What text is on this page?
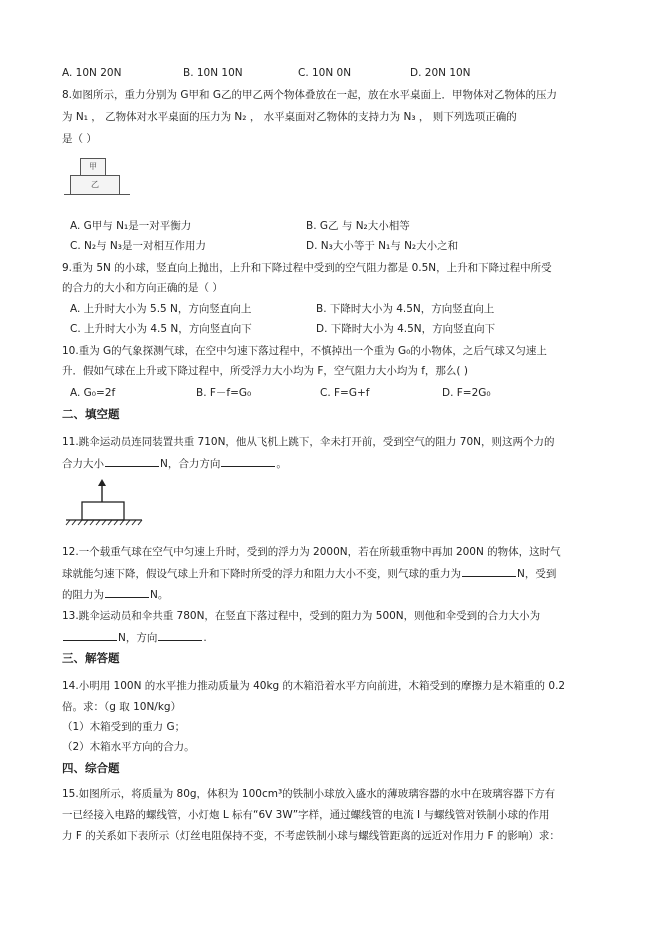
A. 10N 20N	B. 10N 10N	C. 10N 0N	D. 20N 10N
8.如图所示，重力分别为 G甲和 G乙的甲乙两个物体叠放在一起，放在水平桌面上．甲物体对乙物体的压力
为 N₁ ， 乙物体对水平桌面的压力为 N₂ ， 水平桌面对乙物体的支持力为 N₃ ， 则下列选项正确的
是（ ）
甲
乙
A. G甲与 N₁是一对平衡力	B. G乙 与 N₂大小相等
C. N₂与 N₃是一对相互作用力	D. N₃大小等于 N₁与 N₂大小之和
9.重为 5N 的小球，竖直向上抛出，上升和下降过程中受到的空气阻力都是 0.5N，上升和下降过程中所受
的合力的大小和方向正确的是（ ）
A. 上升时大小为 5.5 N，方向竖直向上	B. 下降时大小为 4.5N，方向竖直向上
C. 上升时大小为 4.5 N，方向竖直向下	D. 下降时大小为 4.5N，方向竖直向下
10.重为 G的气象探测气球，在空中匀速下落过程中，不慎掉出一个重为 G₀的小物体，之后气球又匀速上
升．假如气球在上升或下降过程中，所受浮力大小均为 F，空气阻力大小均为 f，那么( )
A. G₀=2f	B. F－f=G₀	C. F=G+f	D. F=2G₀
二、填空题
11.跳伞运动员连同装置共重 710N，他从飞机上跳下，伞未打开前，受到空气的阻力 70N，则这两个力的
合力大小	N，合力方向	。
12.一个载重气球在空气中匀速上升时，受到的浮力为 2000N，若在所载重物中再加 200N 的物体，这时气
球就能匀速下降，假设气球上升和下降时所受的浮力和阻力大小不变，则气球的重力为	N，受到
的阻力为	N。
13.跳伞运动员和伞共重 780N，在竖直下落过程中，受到的阻力为 500N，则他和伞受到的合力大小为
N，方向	.
三、解答题
14.小明用 100N 的水平推力推动质量为 40kg 的木箱沿着水平方向前进，木箱受到的摩擦力是木箱重的 0.2
倍。求：（g 取 10N/kg）
（1）木箱受到的重力 G；
（2）木箱水平方向的合力。
四、综合题
15.如图所示，将质量为 80g，体积为 100cm³的铁制小球放入盛水的薄玻璃容器的水中在玻璃容器下方有
一已经接入电路的螺线管，小灯炮 L 标有“6V 3W”字样，通过螺线管的电流 I 与螺线管对铁制小球的作用
力 F 的关系如下表所示（灯丝电阻保持不变，不考虑铁制小球与螺线管距离的远近对作用力 F 的影响）求：
